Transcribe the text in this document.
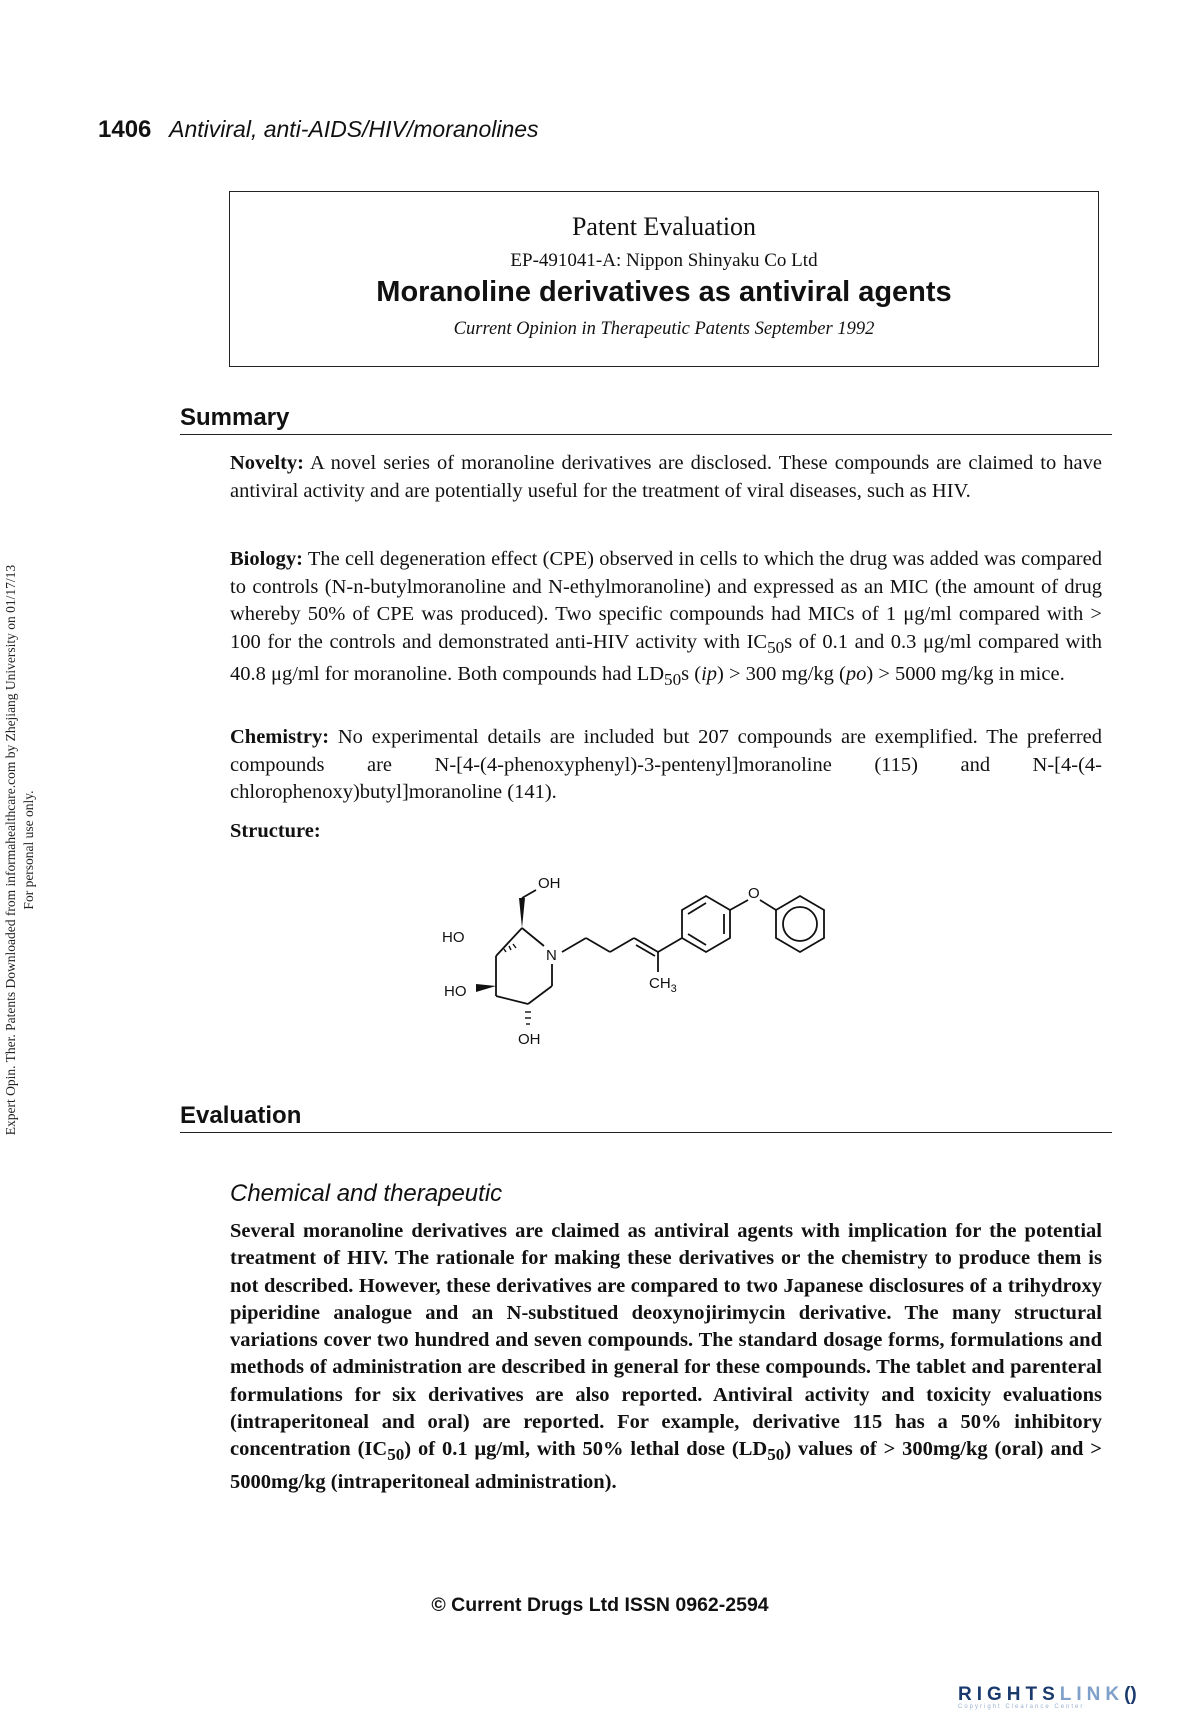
1406 Antiviral, anti-AIDS/HIV/moranolines
Expert Opin. Ther. Patents Downloaded from informahealthcare.com by Zhejiang University on 01/17/13 For personal use only.
Patent Evaluation
EP-491041-A: Nippon Shinyaku Co Ltd
Moranoline derivatives as antiviral agents
Current Opinion in Therapeutic Patents September 1992
Summary

Novelty: A novel series of moranoline derivatives are disclosed. These compounds are claimed to have antiviral activity and are potentially useful for the treatment of viral diseases, such as HIV.

Biology: The cell degeneration effect (CPE) observed in cells to which the drug was added was compared to controls (N-n-butylmoranoline and N-ethylmoranoline) and expressed as an MIC (the amount of drug whereby 50% of CPE was produced). Two specific compounds had MICs of 1 μg/ml compared with > 100 for the controls and demonstrated anti-HIV activity with $IC_{50}s$ of 0.1 and 0.3 μg/ml compared with 40.8 μg/ml for moranoline. Both compounds had $LD_{50}s$ (ip) > 300 mg/kg (po) > 5000 mg/kg in mice.

Chemistry: No experimental details are included but 207 compounds are exemplified. The preferred compounds are N-[4-(4-phenoxyphenyl)-3-pentenyl]moranoline (115) and N-[4-(4-chlorophenoxy)butyl]moranoline (141).

Structure:
OH
HO
HO
OH
N
O
$CH_3$
Evaluation
Chemical and therapeutic

Several moranoline derivatives are claimed as antiviral agents with implication for the potential treatment of HIV. The rationale for making these derivatives or the chemistry to produce them is not described. However, these derivatives are compared to two Japanese disclosures of a trihydroxy piperidine analogue and an N-substitued deoxynojirimycin derivative. The many structural variations cover two hundred and seven compounds. The standard dosage forms, formulations and methods of administration are described in general for these compounds. The tablet and parenteral formulations for six derivatives are also reported. Antiviral activity and toxicity evaluations (intraperitoneal and oral) are reported. For example, derivative 115 has a 50% inhibitory concentration $(IC_{50})$ of 0.1 μg/ml, with 50% lethal dose $(LD_{50})$ values of > 300mg/kg (oral) and > 5000mg/kg (intraperitoneal administration).

© Current Drugs Ltd ISSN 0962-2594
RIGHTSLINK()
Copyright Clearance Center
